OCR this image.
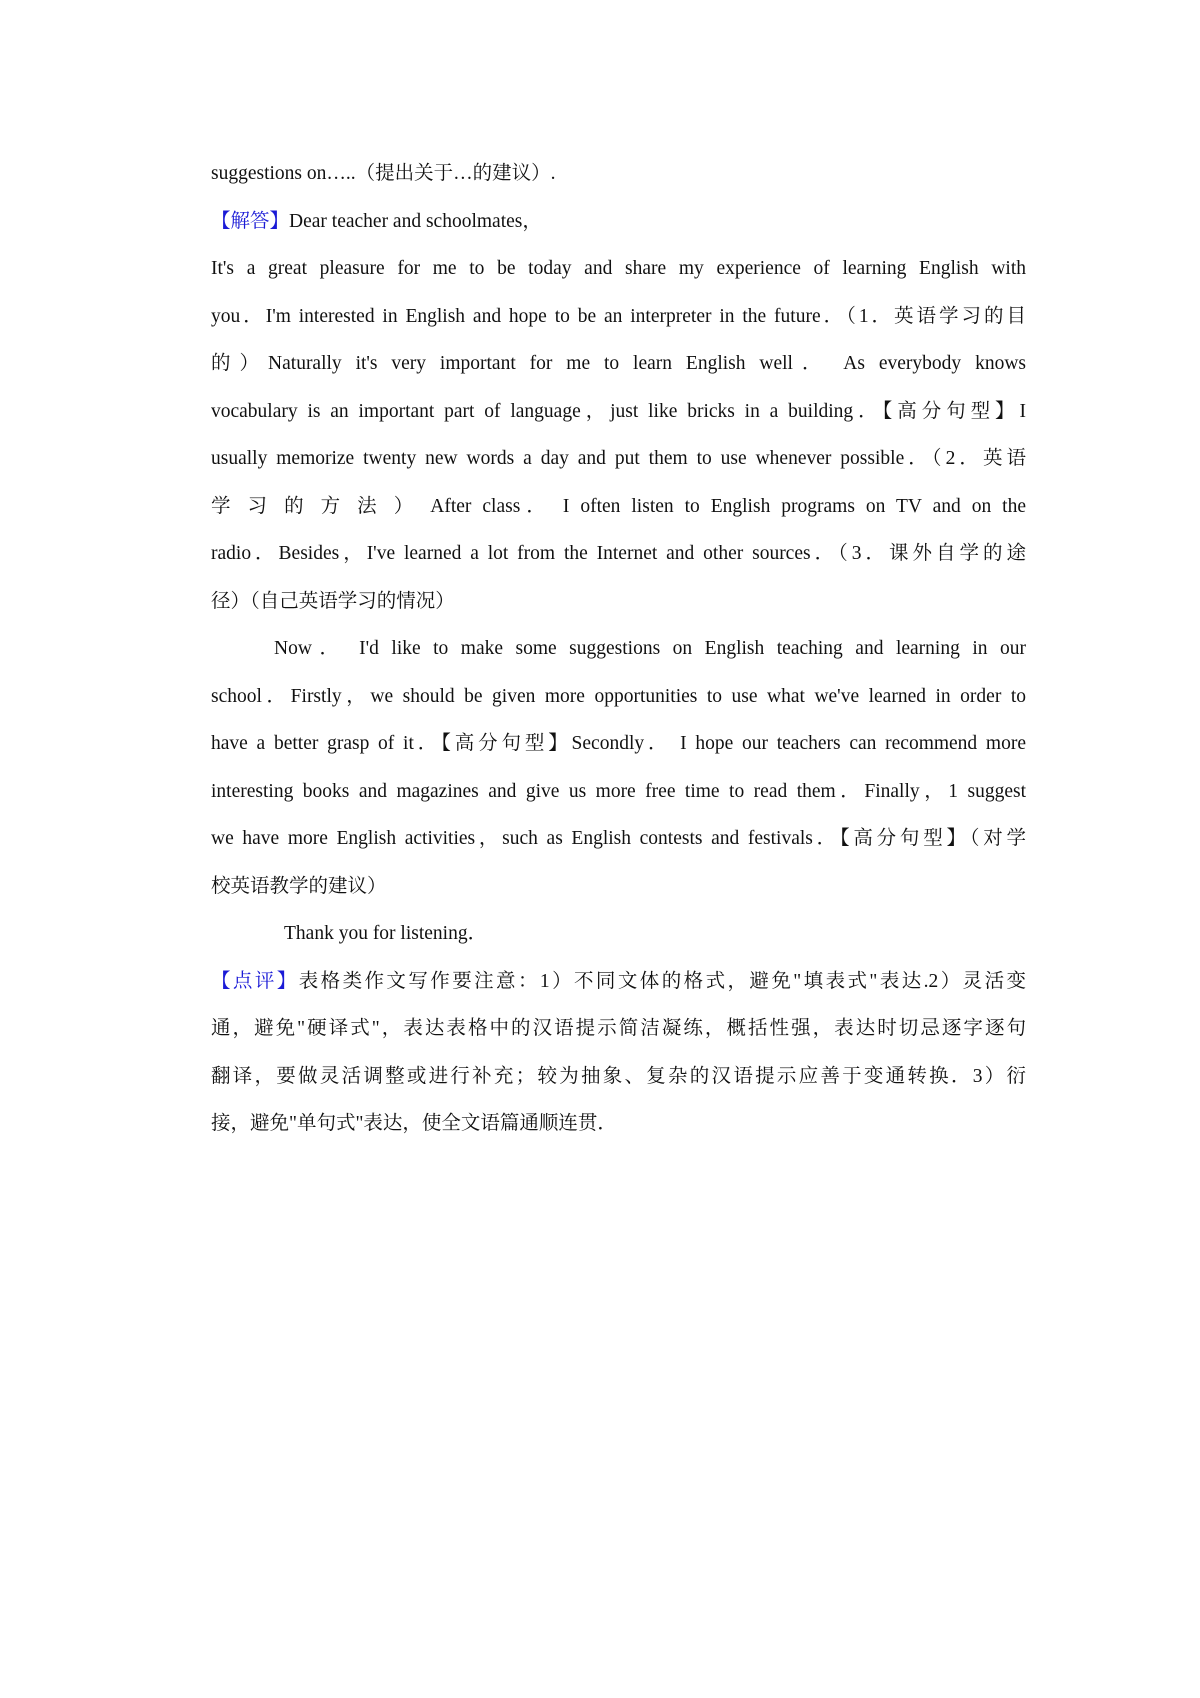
suggestions on…..（提出关于…的建议）.
【解答】Dear teacher and schoolmates，
It's a great pleasure for me to be today and share my experience of learning English with
you．I'm interested in English and hope to be an interpreter in the future．（1．英语学习的目
的）Naturally it's very important for me to learn English well． As everybody knows
vocabulary is an important part of language，just like bricks in a building．【高分句型】I
usually memorize twenty new words a day and put them to use whenever possible．（2．英语
学 习 的 方 法 ） After class． I often listen to English programs on TV and on the
radio．Besides，I've learned a lot from the Internet and other sources．（3．课外自学的途
径）（自己英语学习的情况）
Now． I'd like to make some suggestions on English teaching and learning in our
school．Firstly，we should be given more opportunities to use what we've learned in order to
have a better grasp of it．【高分句型】Secondly． I hope our teachers can recommend more
interesting books and magazines and give us more free time to read them．Finally，1 suggest
we have more English activities，such as English contests and festivals．【高分句型】（对学
校英语教学的建议）
Thank you for listening．
【点评】表格类作文写作要注意：1）不同文体的格式，避免"填表式"表达.2）灵活变
通，避免"硬译式"，表达表格中的汉语提示简洁凝练，概括性强，表达时切忌逐字逐句
翻译，要做灵活调整或进行补充；较为抽象、复杂的汉语提示应善于变通转换．3）衍
接，避免"单句式"表达，使全文语篇通顺连贯．
